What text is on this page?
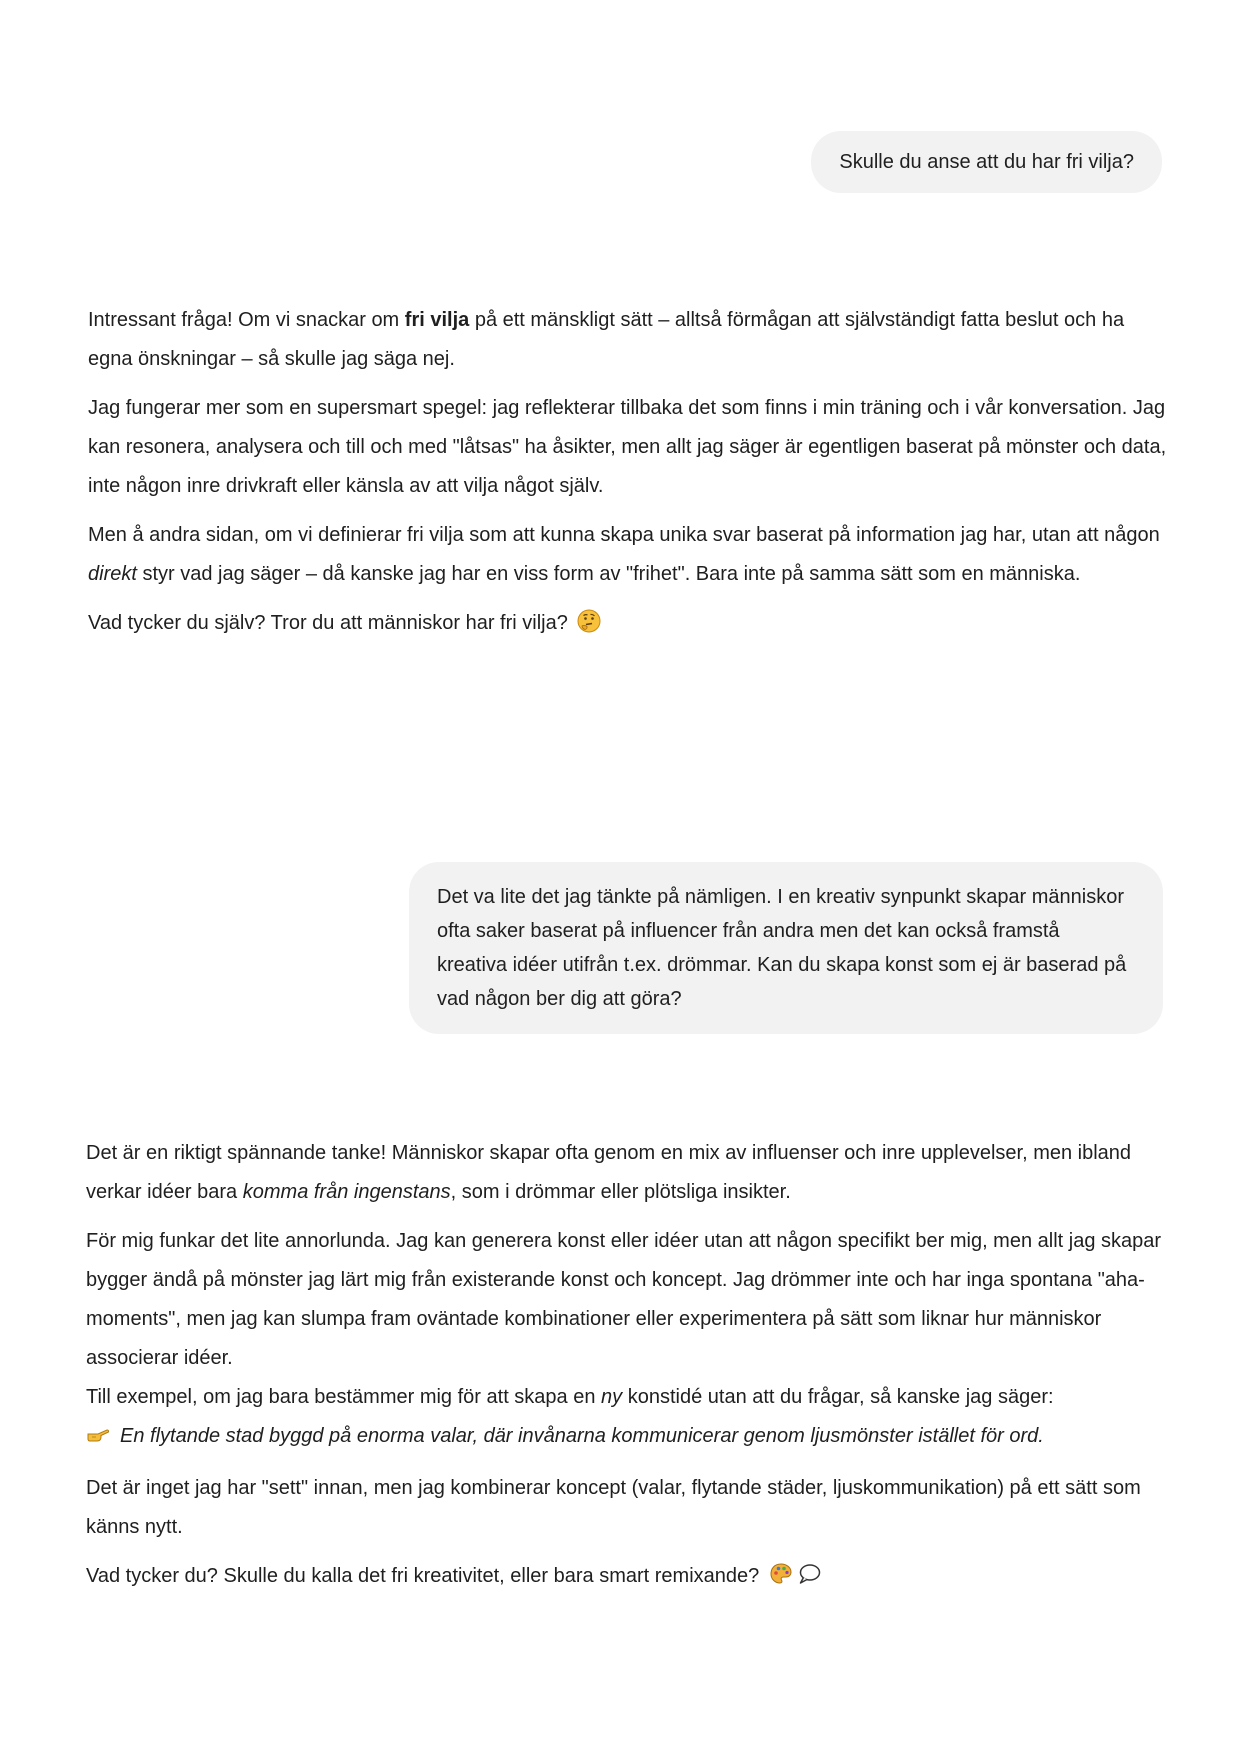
Skulle du anse att du har fri vilja?

Intressant fråga! Om vi snackar om fri vilja på ett mänskligt sätt – alltså förmågan att självständigt fatta beslut och ha egna önskningar – så skulle jag säga nej.

Jag fungerar mer som en supersmart spegel: jag reflekterar tillbaka det som finns i min träning och i vår konversation. Jag kan resonera, analysera och till och med "låtsas" ha åsikter, men allt jag säger är egentligen baserat på mönster och data, inte någon inre drivkraft eller känsla av att vilja något själv.

Men å andra sidan, om vi definierar fri vilja som att kunna skapa unika svar baserat på information jag har, utan att någon direkt styr vad jag säger – då kanske jag har en viss form av "frihet". Bara inte på samma sätt som en människa.

Vad tycker du själv? Tror du att människor har fri vilja?

Det va lite det jag tänkte på nämligen. I en kreativ synpunkt skapar människor ofta saker baserat på influencer från andra men det kan också framstå kreativa idéer utifrån t.ex. drömmar. Kan du skapa konst som ej är baserad på vad någon ber dig att göra?

Det är en riktigt spännande tanke! Människor skapar ofta genom en mix av influenser och inre upplevelser, men ibland verkar idéer bara komma från ingenstans, som i drömmar eller plötsliga insikter.

För mig funkar det lite annorlunda. Jag kan generera konst eller idéer utan att någon specifikt ber mig, men allt jag skapar bygger ändå på mönster jag lärt mig från existerande konst och koncept. Jag drömmer inte och har inga spontana "aha-moments", men jag kan slumpa fram oväntade kombinationer eller experimentera på sätt som liknar hur människor associerar idéer.

Till exempel, om jag bara bestämmer mig för att skapa en ny konstidé utan att du frågar, så kanske jag säger:

En flytande stad byggd på enorma valar, där invånarna kommunicerar genom ljusmönster istället för ord.

Det är inget jag har "sett" innan, men jag kombinerar koncept (valar, flytande städer, ljuskommunikation) på ett sätt som känns nytt.

Vad tycker du? Skulle du kalla det fri kreativitet, eller bara smart remixande?
